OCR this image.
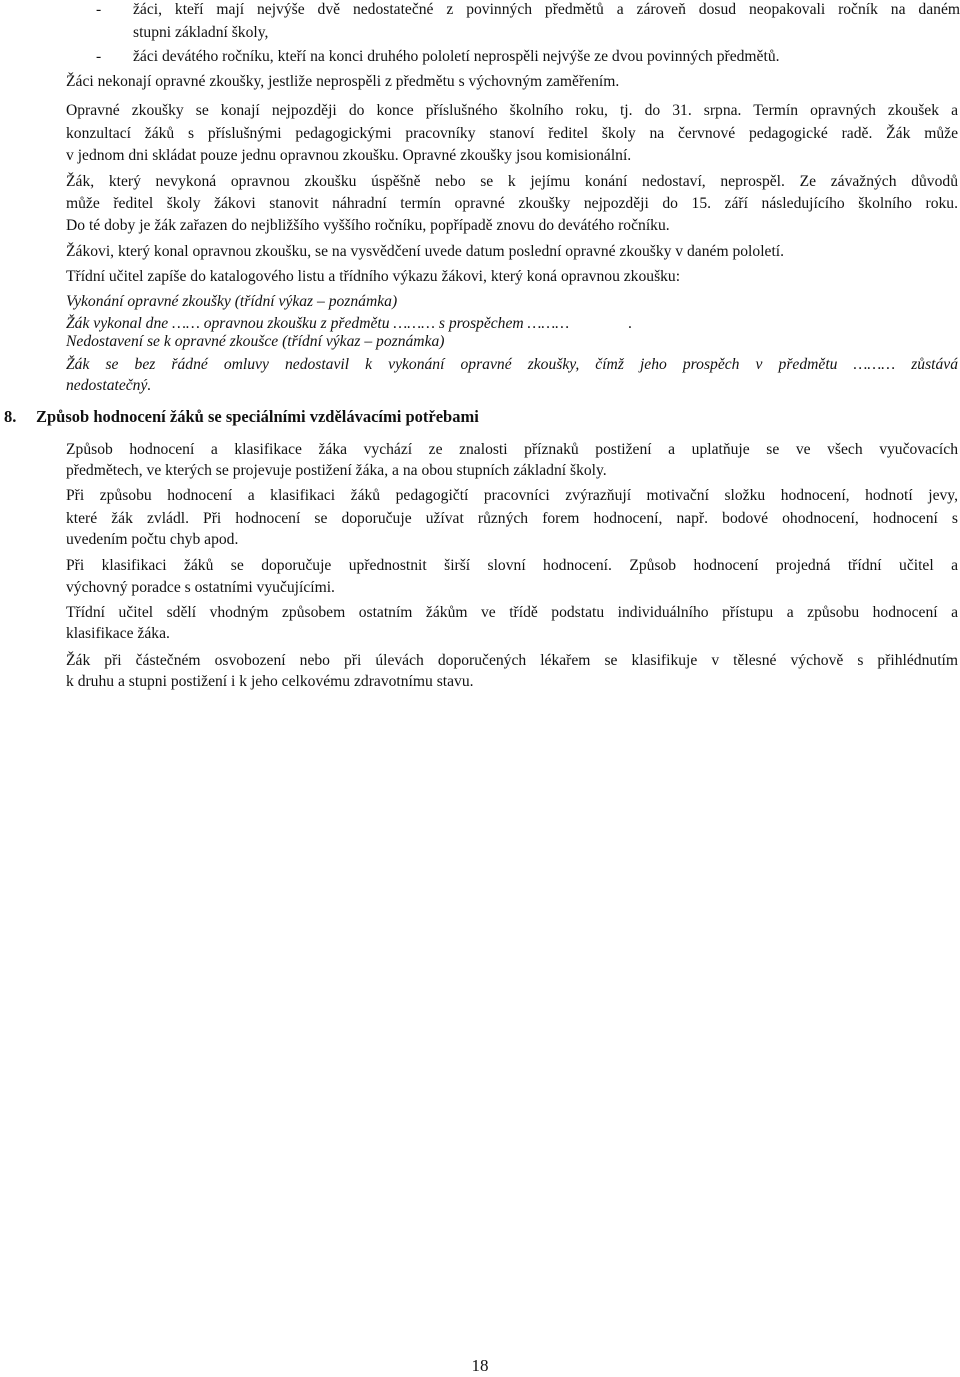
- žáci, kteří mají nejvýše dvě nedostatečné z povinných předmětů a zároveň dosud neopakovali ročník na daném
stupni základní školy,
- žáci devátého ročníku, kteří na konci druhého pololetí neprospěli nejvýše ze dvou povinných předmětů.
Žáci nekonají opravné zkoušky, jestliže neprospěli z předmětu s výchovným zaměřením.
Opravné zkoušky se konají nejpozději do konce příslušného školního roku, tj. do 31. srpna. Termín opravných zkoušek a
konzultací žáků s příslušnými pedagogickými pracovníky stanoví ředitel školy na červnové pedagogické radě. Žák může
v jednom dni skládat pouze jednu opravnou zkoušku. Opravné zkoušky jsou komisionální.
Žák, který nevykoná opravnou zkoušku úspěšně nebo se k jejímu konání nedostaví, neprospěl. Ze závažných důvodů
může ředitel školy žákovi stanovit náhradní termín opravné zkoušky nejpozději do 15. září následujícího školního roku.
Do té doby je žák zařazen do nejbližšího vyššího ročníku, popřípadě znovu do devátého ročníku.
Žákovi, který konal opravnou zkoušku, se na vysvědčení uvede datum poslední opravné zkoušky v daném pololetí.
Třídní učitel zapíše do katalogového listu a třídního výkazu žákovi, který koná opravnou zkoušku:
Vykonání opravné zkoušky (třídní výkaz – poznámka)
Žák vykonal dne …… opravnou zkoušku z předmětu ……… s prospěchem ………	.
Nedostavení se k opravné zkoušce (třídní výkaz – poznámka)
Žák se bez řádné omluvy nedostavil k vykonání opravné zkoušky, čímž jeho prospěch v předmětu ……… zůstává
nedostatečný.
8. Způsob hodnocení žáků se speciálními vzdělávacími potřebami
Způsob hodnocení a klasifikace žáka vychází ze znalosti příznaků postižení a uplatňuje se ve všech vyučovacích
předmětech, ve kterých se projevuje postižení žáka, a na obou stupních základní školy.
Při způsobu hodnocení a klasifikaci žáků pedagogičtí pracovníci zvýrazňují motivační složku hodnocení, hodnotí jevy,
které žák zvládl. Při hodnocení se doporučuje užívat různých forem hodnocení, např. bodové ohodnocení, hodnocení s
uvedením počtu chyb apod.
Při klasifikaci žáků se doporučuje upřednostnit širší slovní hodnocení. Způsob hodnocení projedná třídní učitel a
výchovný poradce s ostatními vyučujícími.
Třídní učitel sdělí vhodným způsobem ostatním žákům ve třídě podstatu individuálního přístupu a způsobu hodnocení a
klasifikace žáka.
Žák při částečném osvobození nebo při úlevách doporučených lékařem se klasifikuje v tělesné výchově s přihlédnutím
k druhu a stupni postižení i k jeho celkovému zdravotnímu stavu.
18
